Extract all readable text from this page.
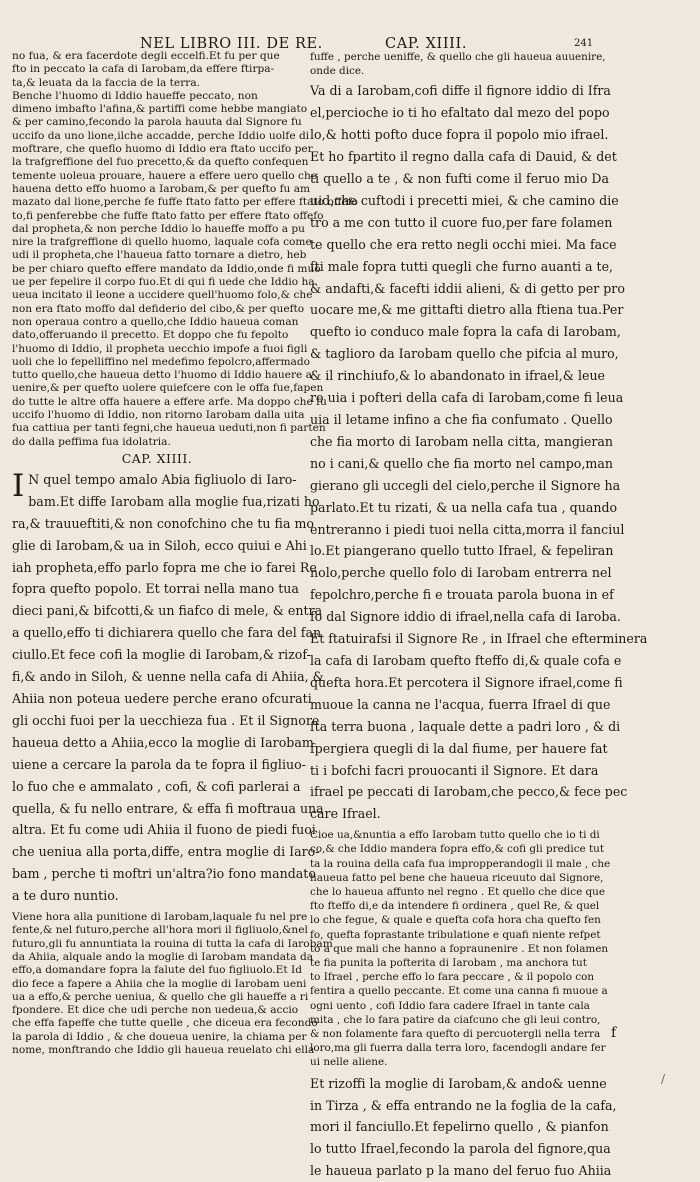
NEL LIBRO III. DE RE.	CAP. XIIII.	241
no fua, & era facerdote degli eccelfi.Et fu per que
fto in peccato la cafa di Iarobam,da effere ftirpa-
ta,& leuata da la faccia de la terra.
Benche l'huomo di Iddio haueffe peccato, non
dimeno imbafto l'afina,& partiffi come hebbe mangiato
& per camino,fecondo la parola hauuta dal Signore fu
uccifo da uno lione,ilche accadde, perche Iddio uolfe di
moftrare, che queflo huomo di Iddio era ftato uccifo per
la trafgreffione del fuo precetto,& da quefto confequen
temente uoleua prouare, hauere a effere uero quello che
hauena detto effo huomo a Iarobam,& per quefto fu am
mazato dal lione,perche fe fuffe ftato fatto per effere ftato offefo
to,fi penferebbe che fuffe ftato fatto per effere ftato offefo
dal propheta,& non perche Iddio lo haueffe moffo a pu
nire la trafgreffione di quello huomo, laquale cofa come
udi il propheta,che l'haueua fatto tornare a dietro, heb
be per chiaro quefto effere mandato da Iddio,onde fi muo
ue per fepelire il corpo fuo.Et di qui fi uede che Iddio ha
ueua incitato il leone a uccidere quell'huomo folo,& che
non era ftato moffo dal defiderio del cibo,& per quefto
non operaua contro a quello,che Iddio haueua coman
dato,offeruando il precetto. Et doppo che fu fepolto
l'huomo di Iddio, il propheta uecchio impofe a fuoi figli
uoli che lo fepelliffino nel medefimo fepolcro,affermado
tutto quello,che haueua detto l'huomo di Iddio hauere a
uenire,& per quefto uolere quiefcere con le offa fue,fapen
do tutte le altre offa hauere a effere arfe. Ma doppo che fu
uccifo l'huomo di Iddio, non ritorno Iarobam dalla uita
fua cattiua per tanti fegni,che haueua ueduti,non fi parten
do dalla peffima fua idolatria.
CAP. XIIII.
I N quel tempo amalo Abia figliuolo di Iaro-
bam.Et diffe Iarobam alla moglie fua,rizati ho
ra,& trauueftiti,& non conofchino che tu fia mo
glie di Iarobam,& ua in Siloh, ecco quiui e Ahi
iah propheta,effo parlo fopra me che io farei Re
fopra quefto popolo. Et torrai nella mano tua
dieci pani,& bifcotti,& un fiafco di mele, & entra
a quello,effo ti dichiarera quello che fara del fan
ciullo.Et fece cofi la moglie di Iarobam,& rizof-
fi,& ando in Siloh, & uenne nella cafa di Ahiia, &
Ahiia non poteua uedere perche erano ofcurati
gli occhi fuoi per la uecchieza fua . Et il Signore
haueua detto a Ahiia,ecco la moglie di Iarobam
uiene a cercare la parola da te fopra il figliuo-
lo fuo che e ammalato , cofi, & cofi parlerai a
quella, & fu nello entrare, & effa fi moftraua una
altra. Et fu come udi Ahiia il fuono de piedi fuoi
che ueniua alla porta,diffe, entra moglie di Iaro-
bam , perche ti moftri un'altra?io fono mandato
a te duro nuntio.
Viene hora alla punitione di Iarobam,laquale fu nel pre
fente,& nel futuro,perche all'hora mori il figliuolo,&nel
futuro,gli fu annuntiata la rouina di tutta la cafa di Iarobam
da Ahiia, alquale ando la moglie di Iarobam mandata da
effo,a domandare fopra la falute del fuo figliuolo.Et Id
dio fece a fapere a Ahiia che la moglie di Iarobam ueni
ua a effo,& perche ueniua, & quello che gli haueffe a ri
fpondere. Et dice che udi perche non uedeua,& accio
che effa fapeffe che tutte quelle , che diceua era fecondo
la parola di Iddio , & che doueua uenire, la chiama per
nome, monftrando che Iddio gli haueua reuelato chi ella
fuffe , perche ueniffe, & quello che gli haueua auuenire,
onde dice.
Va di a Iarobam,cofi diffe il fignore iddio di Ifra
el,percioche io ti ho efaltato dal mezo del popo
lo,& hotti pofto duce fopra il popolo mio ifrael.
Et ho fpartito il regno dalla cafa di Dauid, & det
ti quello a te , & non fufti come il feruo mio Da
uid,che cuftodi i precetti miei, & che camino die
tro a me con tutto il cuore fuo,per fare folamen
te quello che era retto negli occhi miei. Ma face
fti male fopra tutti quegli che furno auanti a te,
& andafti,& facefti iddii alieni, & di getto per pro
uocare me,& me gittafti dietro alla ftiena tua.Per
quefto io conduco male fopra la cafa di Iarobam,
& taglioro da Iarobam quello che pifcia al muro,
& il rinchiufo,& lo abandonato in ifrael,& leue
ro uia i pofteri della cafa di Iarobam,come fi leua
uia il letame infino a che fia confumato . Quello
che fia morto di Iarobam nella citta, mangieran
no i cani,& quello che fia morto nel campo,man
gierano gli uccegli del cielo,perche il Signore ha
parlato.Et tu rizati, & ua nella cafa tua , quando
entreranno i piedi tuoi nella citta,morra il fanciul
lo.Et piangerano quello tutto Ifrael, & fepeliran
nolo,perche quello folo di Iarobam entrerra nel
fepolchro,perche fi e trouata parola buona in ef
fo dal Signore iddio di ifrael,nella cafa di Iaroba.
Et ftatuirafsi il Signore Re , in Ifrael che efterminera
la cafa di Iarobam quefto fteffo di,& quale cofa e
quefta hora.Et percotera il Signore ifrael,come fi
muoue la canna ne l'acqua, fuerra Ifrael di que
fta terra buona , laquale dette a padri loro , & di
fpergiera quegli di la dal fiume, per hauere fat
ti i bofchi facri prouocanti il Signore. Et dara
ifrael pe peccati di Iarobam,che pecco,& fece pec
care Ifrael.
Cioe ua,&nuntia a effo Iarobam tutto quello che io ti di
co,& che Iddio mandera fopra effo,& cofi gli predice tut
ta la rouina della cafa fua impropperandogli il male , che
haueua fatto pel bene che haueua riceuuto dal Signore,
che lo haueua affunto nel regno . Et quello che dice que
fto fteffo di,e da intendere fi ordinera , quel Re, & quel
lo che fegue, & quale e quefta cofa hora cha quefto fen
fo, quefta foprastante tribulatione e quafi niente refpet
to a que mali che hanno a fopraunenire . Et non folamen
te fia punita la pofterita di Iarobam , ma anchora tut
to Ifrael , perche effo lo fara peccare , & il popolo con
fentira a quello peccante. Et come una canna fi muoue a
ogni uento , cofi Iddio fara cadere Ifrael in tante cala
mita , che lo fara patire da ciafcuno che gli leui contro,
& non folamente fara quefto di percuotergli nella terra
loro,ma gli fuerra dalla terra loro, facendogli andare fer
ui nelle aliene.
Et rizoffi la moglie di Iarobam,& ando& uenne
in Tirza , & effa entrando ne la foglia de la cafa,
mori il fanciullo.Et fepelirno quello , & pianfon
lo tutto Ifrael,fecondo la parola del fignore,qua
le haueua parlato p la mano del feruo fuo Ahiia
f
/
